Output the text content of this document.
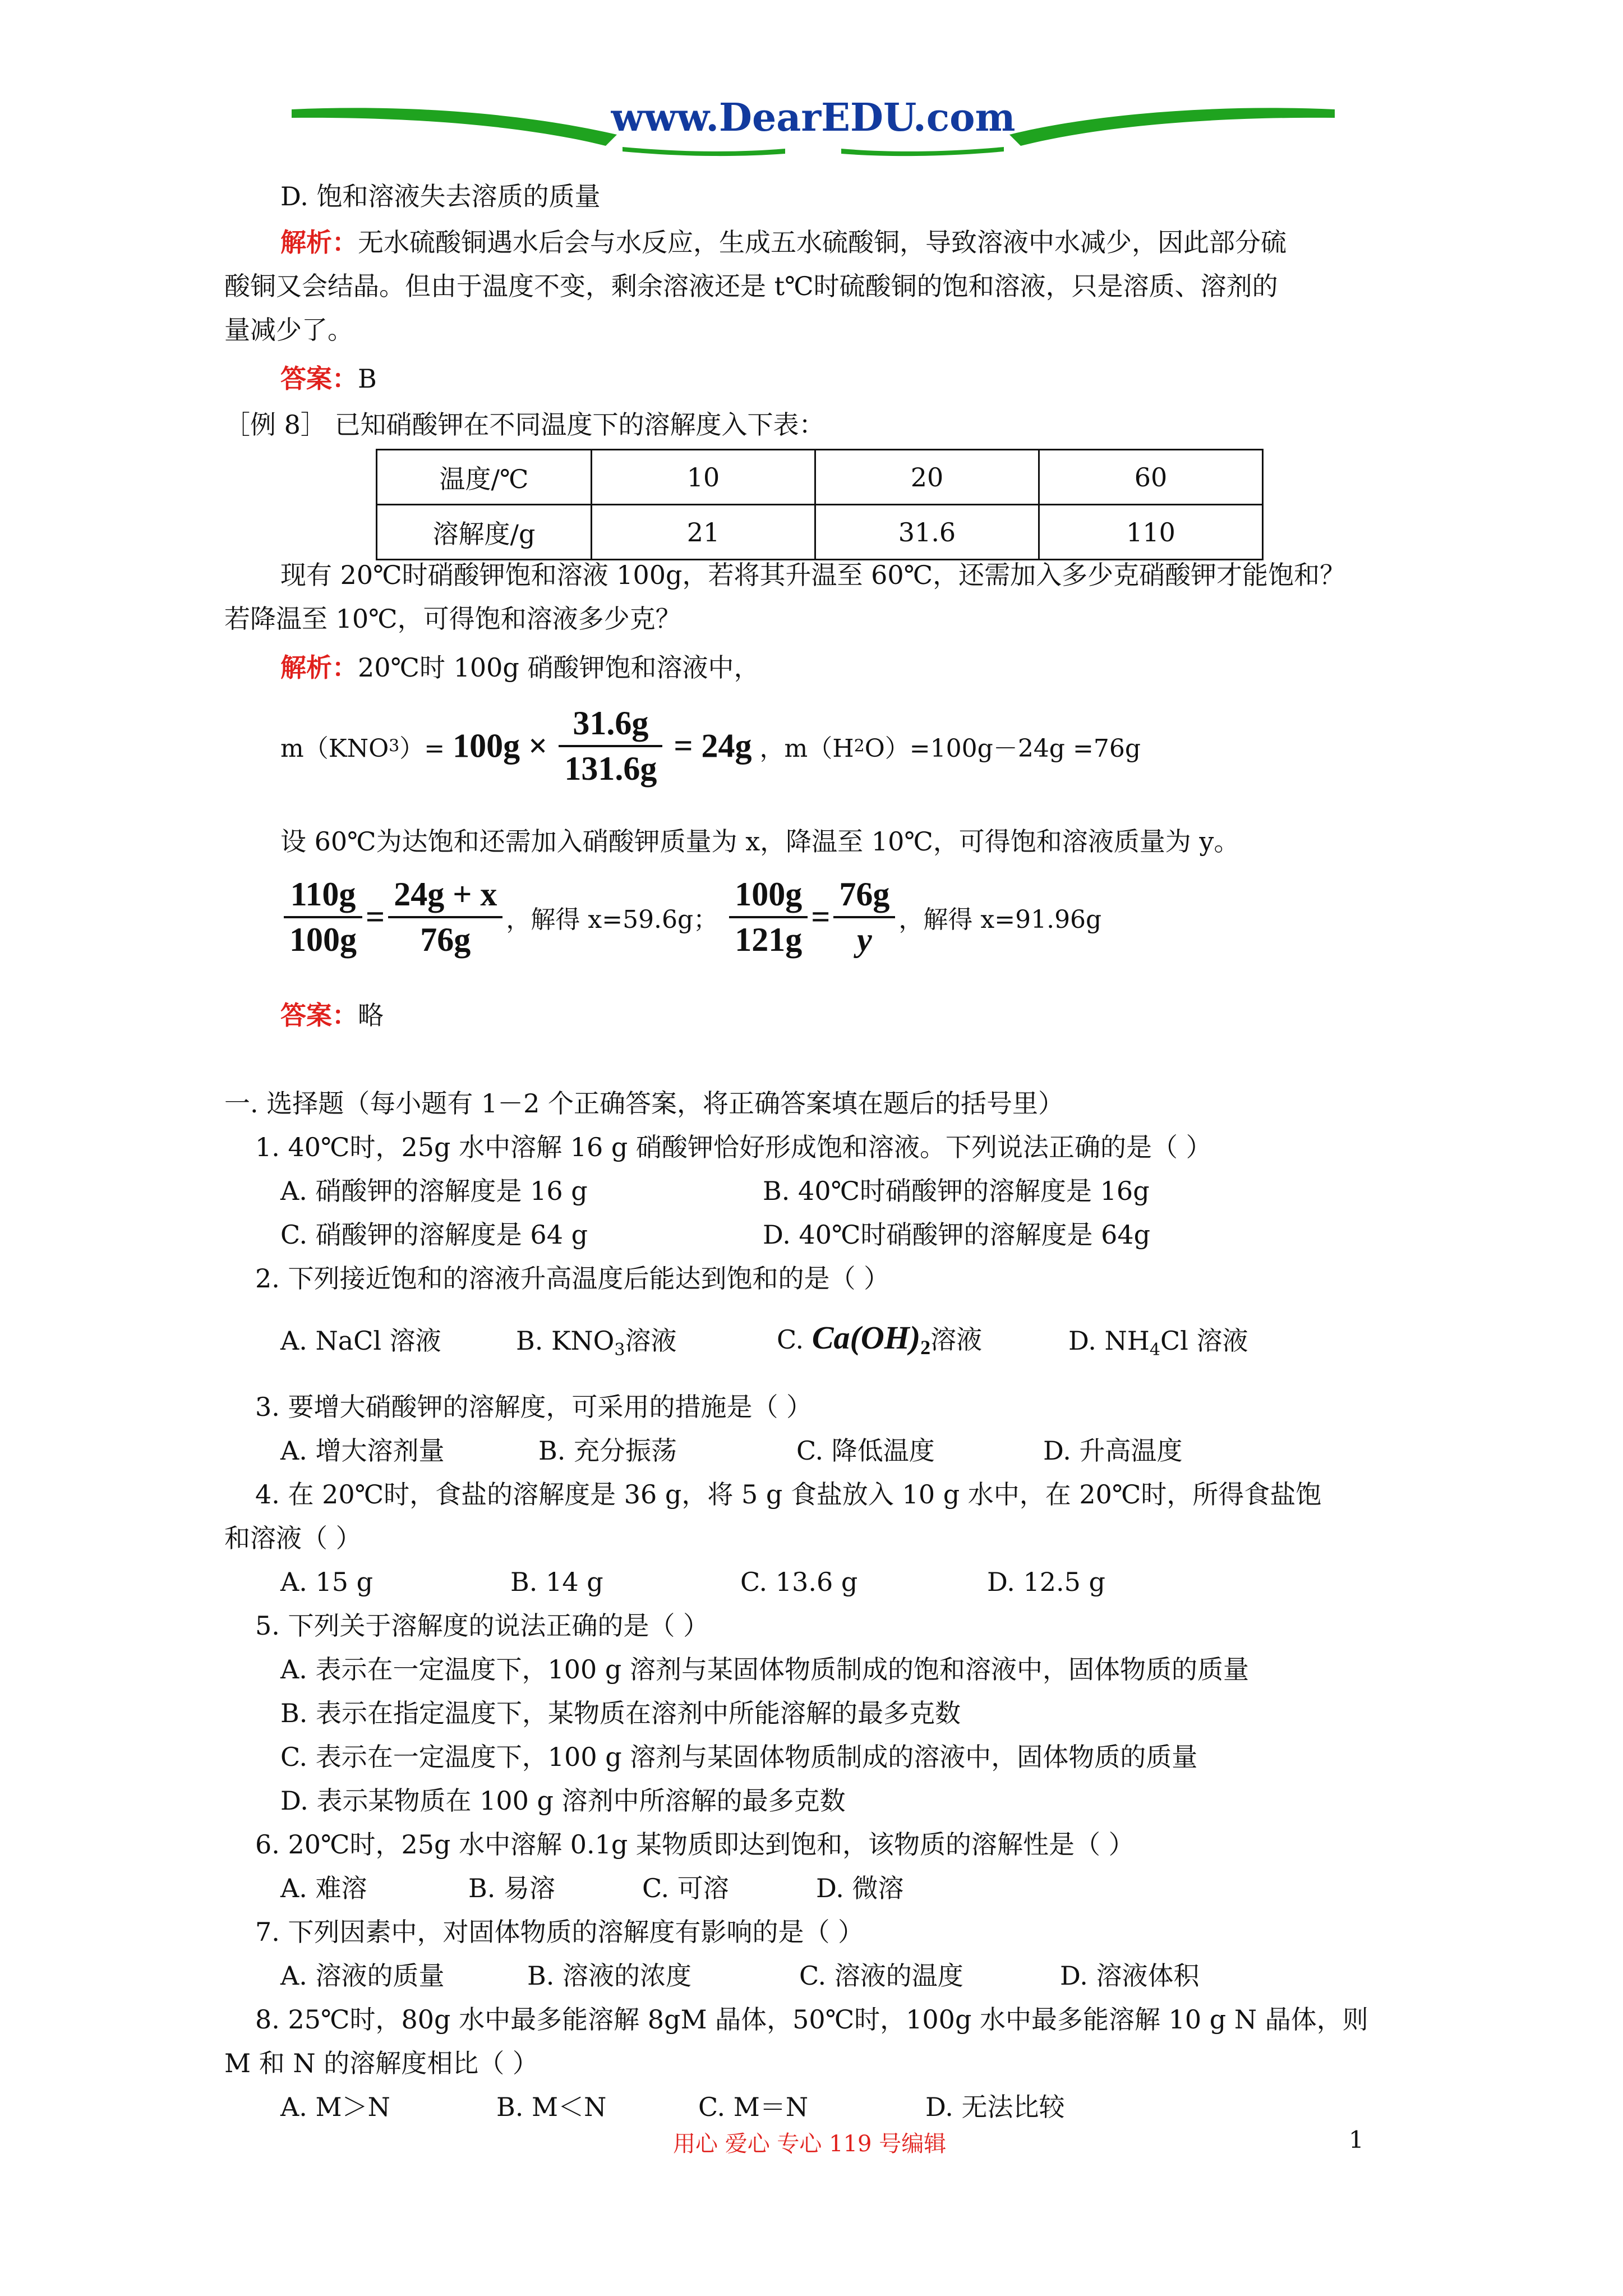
www.DearEDU.com
D. 饱和溶液失去溶质的质量
解析：无水硫酸铜遇水后会与水反应，生成五水硫酸铜，导致溶液中水减少，因此部分硫
酸铜又会结晶。但由于温度不变，剩余溶液还是 t℃时硫酸铜的饱和溶液，只是溶质、溶剂的
量减少了。
答案：B
［例 8］ 已知硝酸钾在不同温度下的溶解度入下表：
温度/℃	10	20	60
溶解度/g	21	31.6	110
现有 20℃时硝酸钾饱和溶液 100g，若将其升温至 60℃，还需加入多少克硝酸钾才能饱和？
若降温至 10℃，可得饱和溶液多少克？
解析：20℃时 100g 硝酸钾饱和溶液中，
$m(KNO3)= 100g \times \frac{31.6g}{131.6g} = 24g$ ，m（H2O）=100g－24g =76g
设 60℃为达饱和还需加入硝酸钾质量为 x，降温至 10℃，可得饱和溶液质量为 y。
$\frac{110g}{100g} = \frac{24g + x}{76g}$ ，解得 x=59.6g； $\frac{100g}{121g} = \frac{76g}{y}$ ，解得 x=91.96g
答案：略
一. 选择题（每小题有 1－2 个正确答案，将正确答案填在题后的括号里）
1. 40℃时，25g 水中溶解 16 g 硝酸钾恰好形成饱和溶液。下列说法正确的是（ ）
A. 硝酸钾的溶解度是 16 g	B. 40℃时硝酸钾的溶解度是 16g
C. 硝酸钾的溶解度是 64 g	D. 40℃时硝酸钾的溶解度是 64g
2. 下列接近饱和的溶液升高温度后能达到饱和的是（ ）
A. NaCl 溶液	B. $KNO_3$溶液	C. $Ca(OH)_2$溶液	D. $NH_4Cl$ 溶液
3. 要增大硝酸钾的溶解度，可采用的措施是（ ）
A. 增大溶剂量	B. 充分振荡	C. 降低温度	D. 升高温度
4. 在 20℃时，食盐的溶解度是 36 g，将 5 g 食盐放入 10 g 水中，在 20℃时，所得食盐饱
和溶液（ ）
A. 15 g	B. 14 g	C. 13.6 g	D. 12.5 g
5. 下列关于溶解度的说法正确的是（ ）
A. 表示在一定温度下，100 g 溶剂与某固体物质制成的饱和溶液中，固体物质的质量
B. 表示在指定温度下，某物质在溶剂中所能溶解的最多克数
C. 表示在一定温度下，100 g 溶剂与某固体物质制成的溶液中，固体物质的质量
D. 表示某物质在 100 g 溶剂中所溶解的最多克数
6. 20℃时，25g 水中溶解 0.1g 某物质即达到饱和，该物质的溶解性是（ ）
A. 难溶	B. 易溶	C. 可溶	D. 微溶
7. 下列因素中，对固体物质的溶解度有影响的是（ ）
A. 溶液的质量	B. 溶液的浓度	C. 溶液的温度	D. 溶液体积
8. 25℃时，80g 水中最多能溶解 8gM 晶体，50℃时，100g 水中最多能溶解 10 g N 晶体，则
M 和 N 的溶解度相比（ ）
A. M＞N	B. M＜N	C. M＝N	D. 无法比较
用心 爱心 专心 119 号编辑	1
